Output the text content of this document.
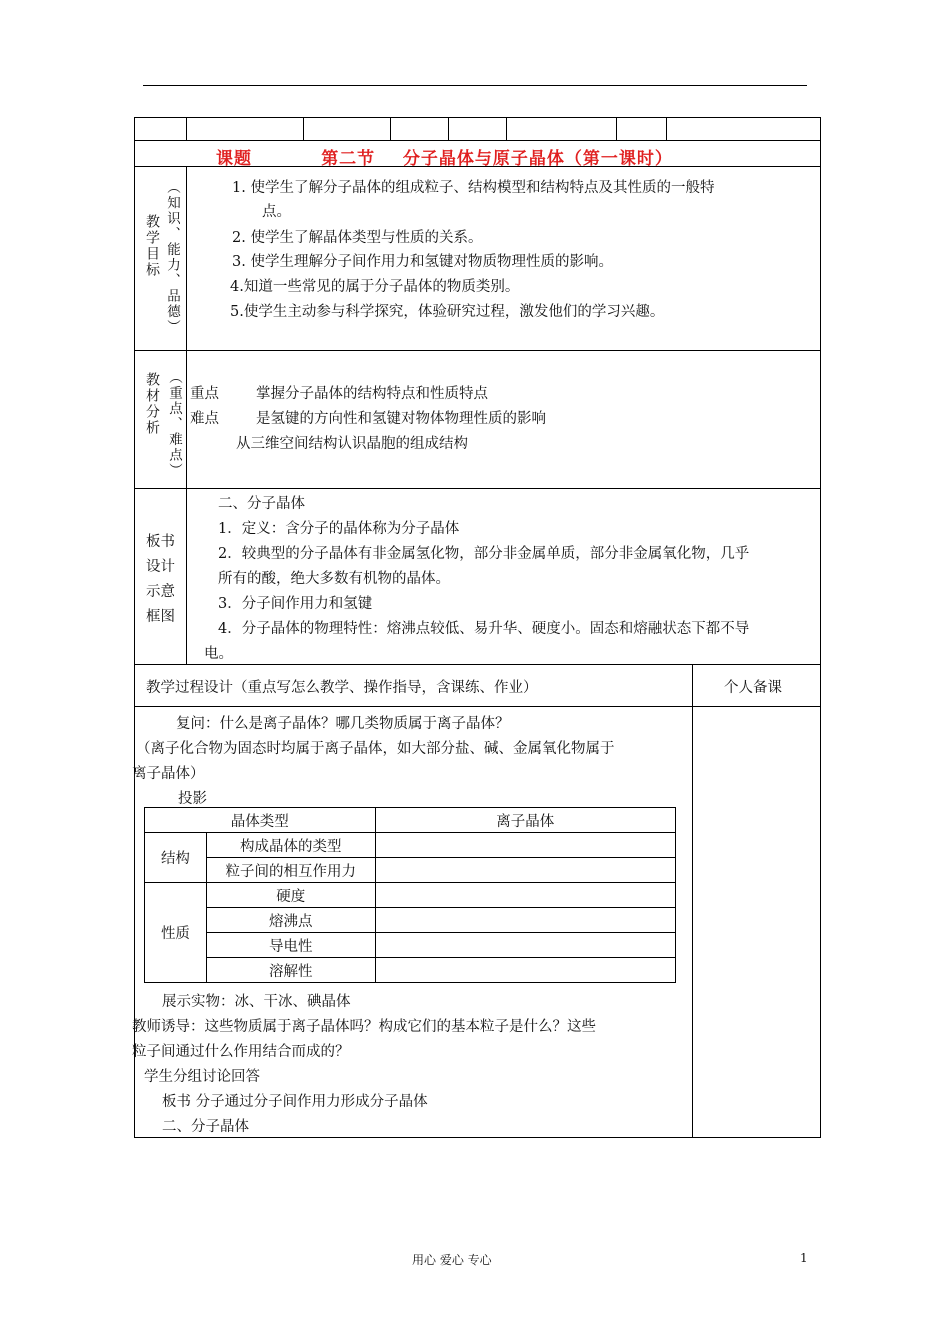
课题	第二节    分子晶体与原子晶体（第一课时）
教学目标 （知识、能力、品德）	1. 使学生了解分子晶体的组成粒子、结构模型和结构特点及其性质的一般特
点。
2. 使学生了解晶体类型与性质的关系。
3. 使学生理解分子间作用力和氢键对物质物理性质的影响。
4.知道一些常见的属于分子晶体的物质类别。
5.使学生主动参与科学探究，体验研究过程，激发他们的学习兴趣。
教材分析 （重点、难点） 重点	掌握分子晶体的结构特点和性质特点
难点	是氢键的方向性和氢键对物体物理性质的影响
从三维空间结构认识晶胞的组成结构
板书
设计
示意
框图
二、分子晶体
1．定义：含分子的晶体称为分子晶体
2．较典型的分子晶体有非金属氢化物，部分非金属单质，部分非金属氧化物，几乎
所有的酸，绝大多数有机物的晶体。
3．分子间作用力和氢键
4．分子晶体的物理特性：熔沸点较低、易升华、硬度小。固态和熔融状态下都不导
电。
教学过程设计（重点写怎么教学、操作指导，含课练、作业）	个人备课
复问：什么是离子晶体？哪几类物质属于离子晶体？
（离子化合物为固态时均属于离子晶体，如大部分盐、碱、金属氧化物属于
离子晶体）
投影
晶体类型		离子晶体
结构	构成晶体的类型	
	粒子间的相互作用力	
性质	硬度	
	熔沸点	
	导电性	
	溶解性	
展示实物：冰、干冰、碘晶体
教师诱导：这些物质属于离子晶体吗？构成它们的基本粒子是什么？这些
粒子间通过什么作用结合而成的？
学生分组讨论回答
板书 分子通过分子间作用力形成分子晶体
二、分子晶体
用心 爱心 专心	1
